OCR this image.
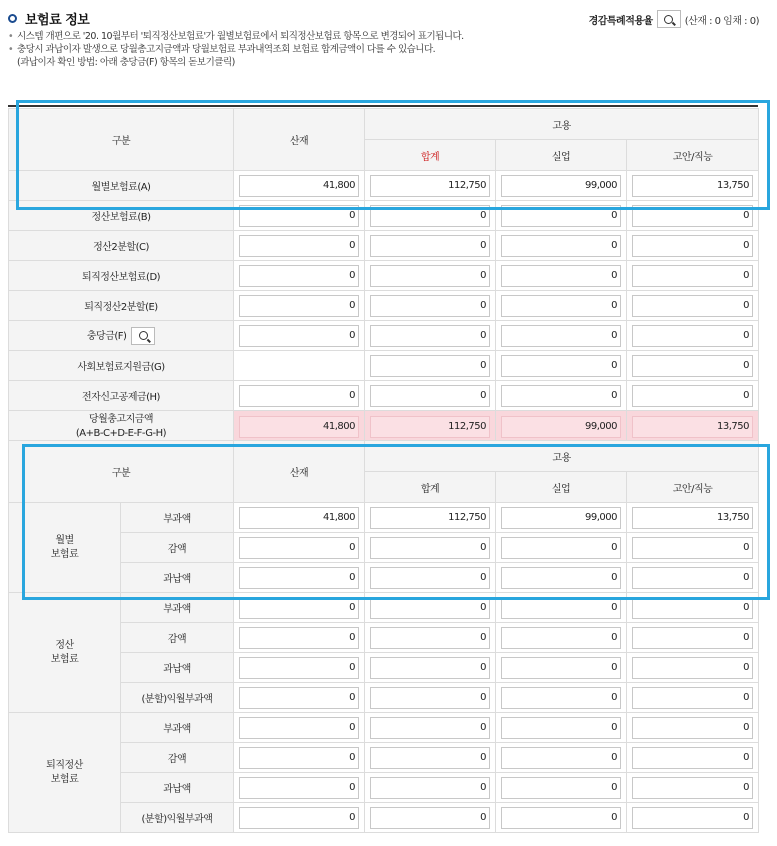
보험료 정보	경감특례적용율	(산재 : 0 임채 : 0)
• 시스템 개편으로 '20. 10월부터 '퇴직정산보험료'가 월별보험료에서 퇴직정산보험료 항목으로 변경되어 표기됩니다.
• 충당시 과납이자 발생으로 당월총고지금액과 당월보험료 부과내역조회 보험료 합계금액이 다를 수 있습니다.
(과납이자 확인 방법: 아래 충당금(F) 항목의 돋보기클릭)
구분	산재	고용		
		합계	실업	고안/직능
월별보험료(A)	41,800	112,750	99,000	13,750

정산보험료(B)	0	0	0	0

정산2분할(C)	0	0	0	0

퇴직정산보험료(D)	0	0	0	0

퇴직정산2분할(E)	0	0	0	0

충당금(F)	0	0	0	0

사회보험료지원금(G)		0	0	0

전자신고공제금(H)	0	0	0	0

당월총고지금액
(A+B-C+D-E-F-G-H)	41,800	112,750	99,000	13,750
구분		산재	고용		
			합계	실업	고안/직능

월별
보험료	부과액	41,800	112,750	99,000	13,750

	감액	0	0	0	0

	과납액	0	0	0	0

정산
보험료	부과액	0	0	0	0

	감액	0	0	0	0

	과납액	0	0	0	0

	(분할)익월부과액	0	0	0	0

퇴직정산
보험료	부과액	0	0	0	0

	감액	0	0	0	0

	과납액	0	0	0	0

	(분할)익월부과액	0	0	0	0
